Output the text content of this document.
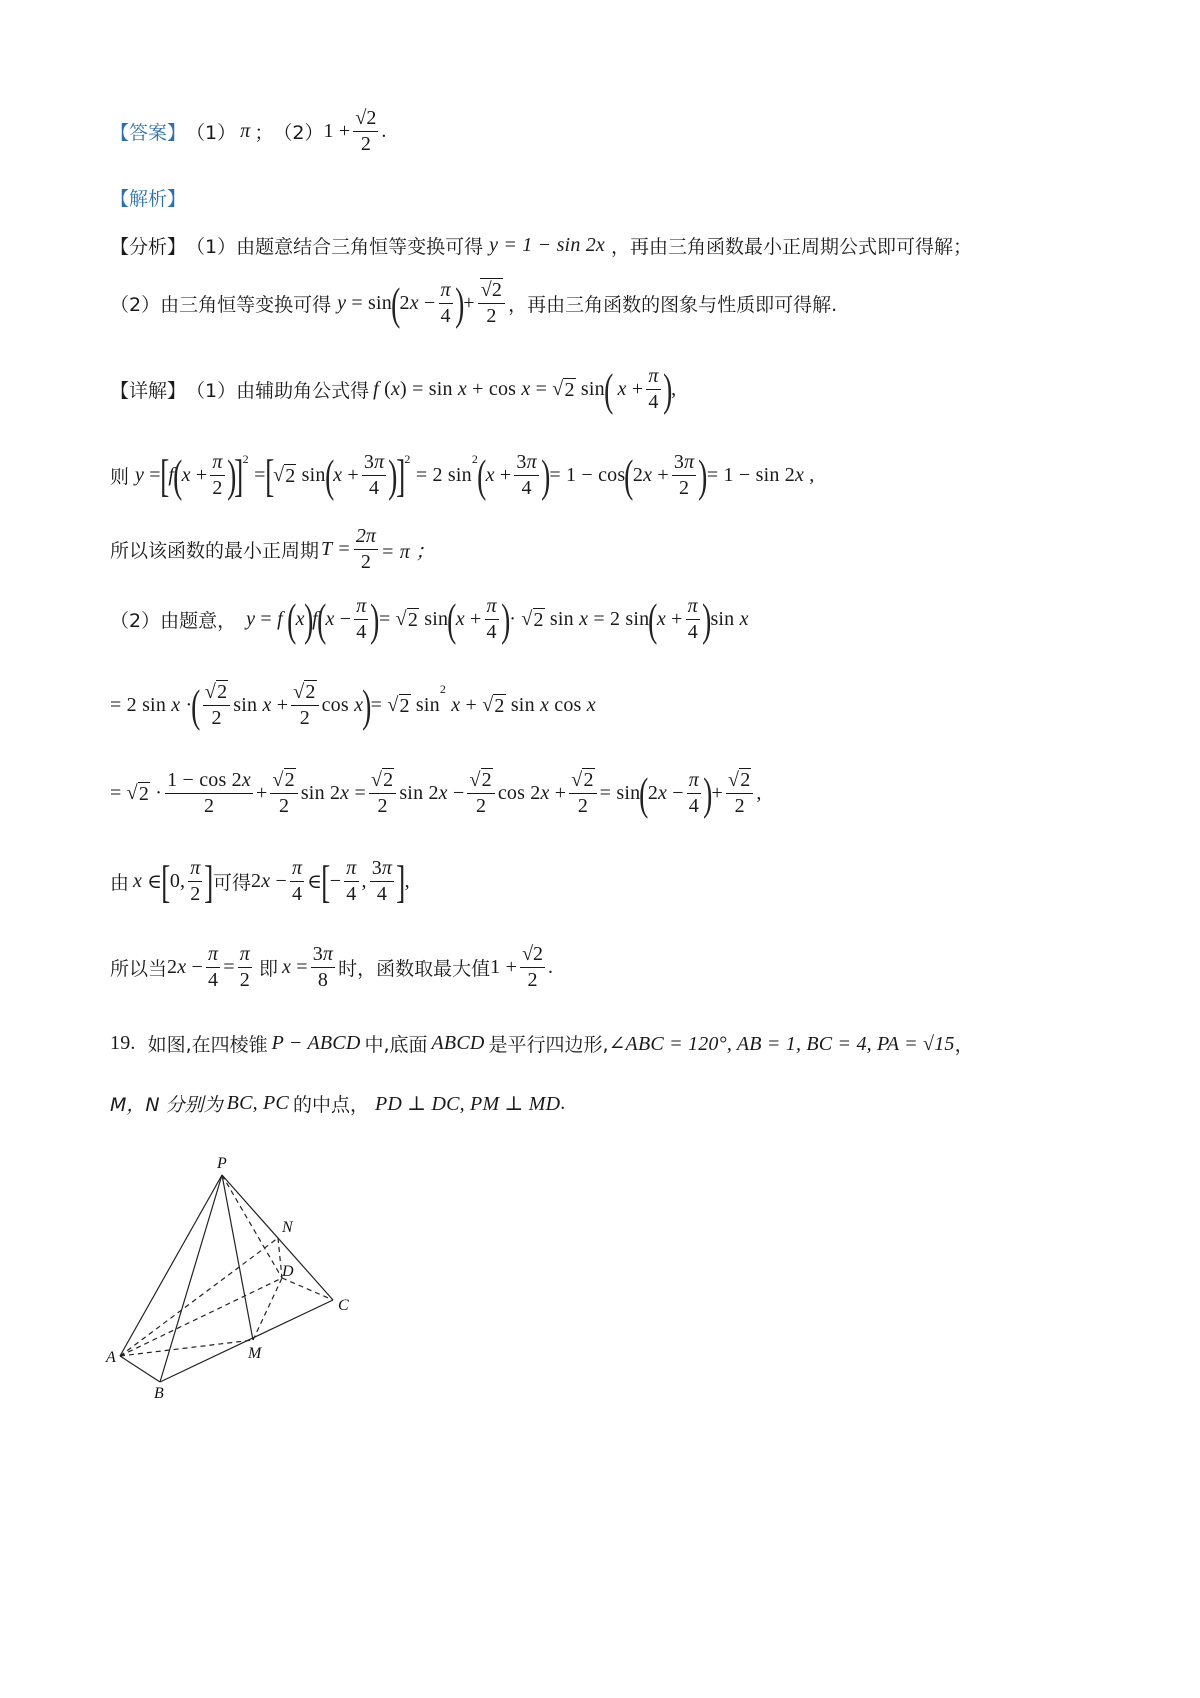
【答案】 （1） π ； （2） $1 + \frac{√2}{2}$ .
【解析】
【分析】 （1）由题意结合三角恒等变换可得 y = 1 − sin 2x ，再由三角函数最小正周期公式即可得解；
（2）由三角恒等变换可得 y = sin ( 2 $x - \frac{\pi}{4}$ ) + $\frac{√2}{2}$ ，再由三角函数的图象与性质即可得解.
【详解】 （1）由辅助角公式得 f ( x ) = sin x + cos x = √ 2 sin (
$x + \frac{\pi}{4}$ ) ,
则 y = [ f ( $x + \frac{\pi}{2}$ )
]$^2$
= [ √ 2 sin ( $x + \frac{3\pi}{4}$ )
]$^2$
= 2 sin
2 ( $x + \frac{3\pi}{4}$ ) = 1 − cos ( 2 $x + \frac{3\pi}{2}$ ) = 1 − sin 2 x ,
所以该函数的最小正周期 $T = \frac{2\pi}{2} = \pi$ ；
（2）由题意， y = f
( x ) f ( $x - \frac{\pi}{4}$ ) = √ 2 sin ( $x + \frac{\pi}{4}$ ) · √ 2 sin x = 2 sin ( $x + \frac{\pi}{4}$ ) sin x
= 2 sin x · ( $\frac{√2}{2}$ $\sin x + \frac{√2}{2}$ cos x ) = √ 2 sin
$^2$

x + √ 2 sin x cos x
= √ $2 \cdot \frac{1 - \cos 2x}{2} + \frac{√2}{2}$ sin 2 $x = \frac{√2}{2}$ sin 2 $x - \frac{√2}{2}$ cos 2 $x + \frac{√2}{2} = \sin$ ( 2 $x - \frac{\pi}{4}$ ) + $\frac{√2}{2}$ ,
由 x ∈ [ 0, $\frac{\pi}{2}$ ] 可得 2 $x - \frac{\pi}{4}$ ∈ [ − $\frac{\pi}{4}$ , $\frac{3\pi}{4}$ ] ,
所以当 2 $x - \frac{\pi}{4} = \frac{\pi}{2}$ 即 $x = \frac{3\pi}{8}$ 时，函数取最大值 $1 + \frac{√2}{2}$ .
19. 如图,在四棱锥 P − ABCD 中,底面 ABCD 是平行四边形, ∠ABC = 120°, AB = 1, BC = 4, PA = √15 ，
M，N 分别为 BC, PC 的中点， PD ⊥ DC, PM ⊥ MD .
P
N
D
C
A	M
B
